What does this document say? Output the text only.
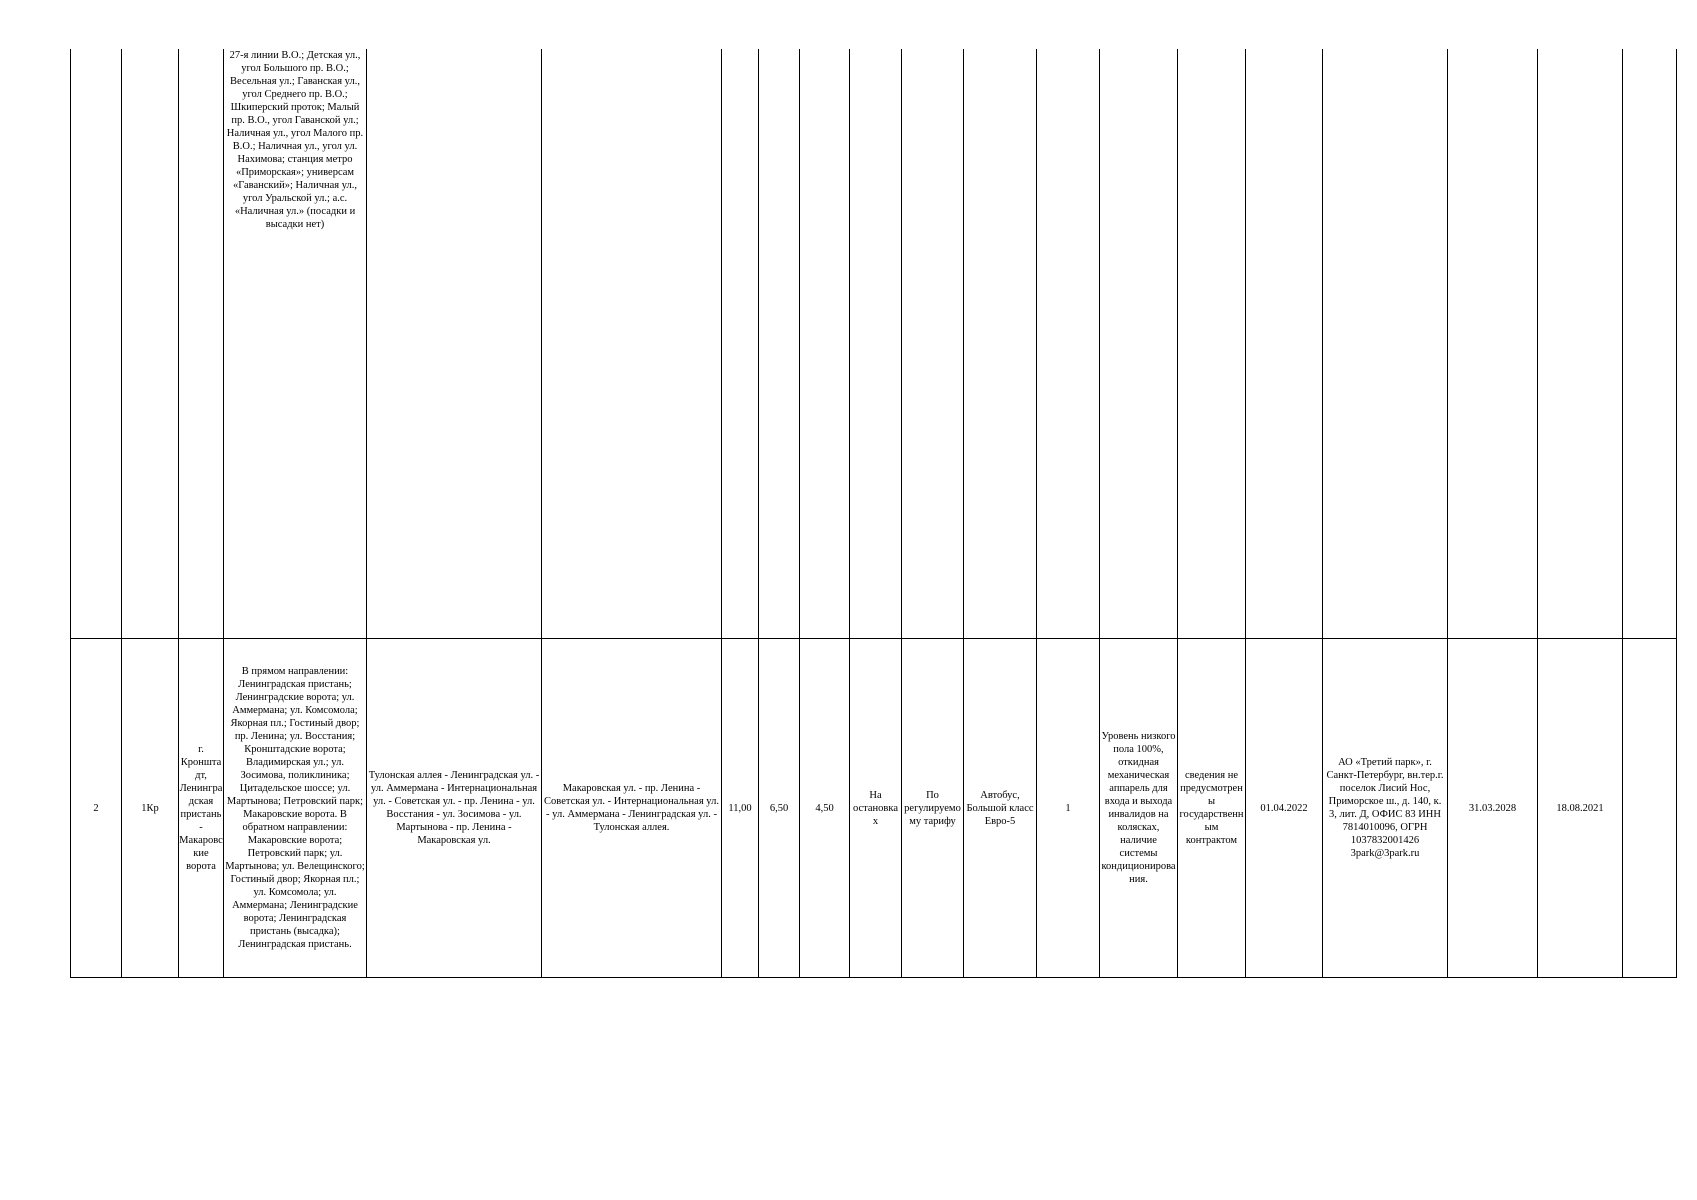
			27-я линии В.О.; Детская ул., угол Большого пр. В.О.; Весельная ул.; Гаванская ул., угол Среднего пр. В.О.; Шкиперский проток; Малый пр. В.О., угол Гаванской ул.; Наличная ул., угол Малого пр. В.О.; Наличная ул., угол ул. Нахимова; станция метро «Приморская»; универсам «Гаванский»; Наличная ул., угол Уральской ул.; а.с. «Наличная ул.» (посадки и высадки нет)																
2	1Кр	г. Кронштадт, Ленинградская пристань - Макаровские ворота	В прямом направлении: Ленинградская пристань; Ленинградские ворота; ул. Аммермана; ул. Комсомола; Якорная пл.; Гостиный двор; пр. Ленина; ул. Восстания; Кронштадские ворота; Владимирская ул.; ул. Зосимова, поликлиника; Цитадельское шоссе; ул. Мартынова; Петровский парк; Макаровские ворота. В обратном направлении: Макаровские ворота; Петровский парк; ул. Мартынова; ул. Велещинского; Гостиный двор; Якорная пл.; ул. Комсомола; ул. Аммермана; Ленинградские ворота; Ленинградская пристань (высадка); Ленинградская пристань.	Тулонская аллея - Ленинградская ул. - ул. Аммермана - Интернациональная ул. - Советская ул. - пр. Ленина - ул. Восстания - ул. Зосимова - ул. Мартынова - пр. Ленина - Макаровская ул.	Макаровская ул. - пр. Ленина - Советская ул. - Интернациональная ул. - ул. Аммермана - Ленинградская ул. - Тулонская аллея.	11,00	6,50	4,50	На остановках	По регулируемому тарифу	Автобус, Большой класс Евро-5	1	Уровень низкого пола 100%, откидная механическая аппарель для входа и выхода инвалидов на колясках, наличие системы кондиционирования.	сведения не предусмотрены государственным контрактом	01.04.2022	АО «Третий парк», г. Санкт-Петербург, вн.тер.г. поселок Лисий Нос, Приморское ш., д. 140, к. 3, лит. Д, ОФИС 83 ИНН 7814010096, ОГРН 1037832001426 3park@3park.ru	31.03.2028	18.08.2021	
